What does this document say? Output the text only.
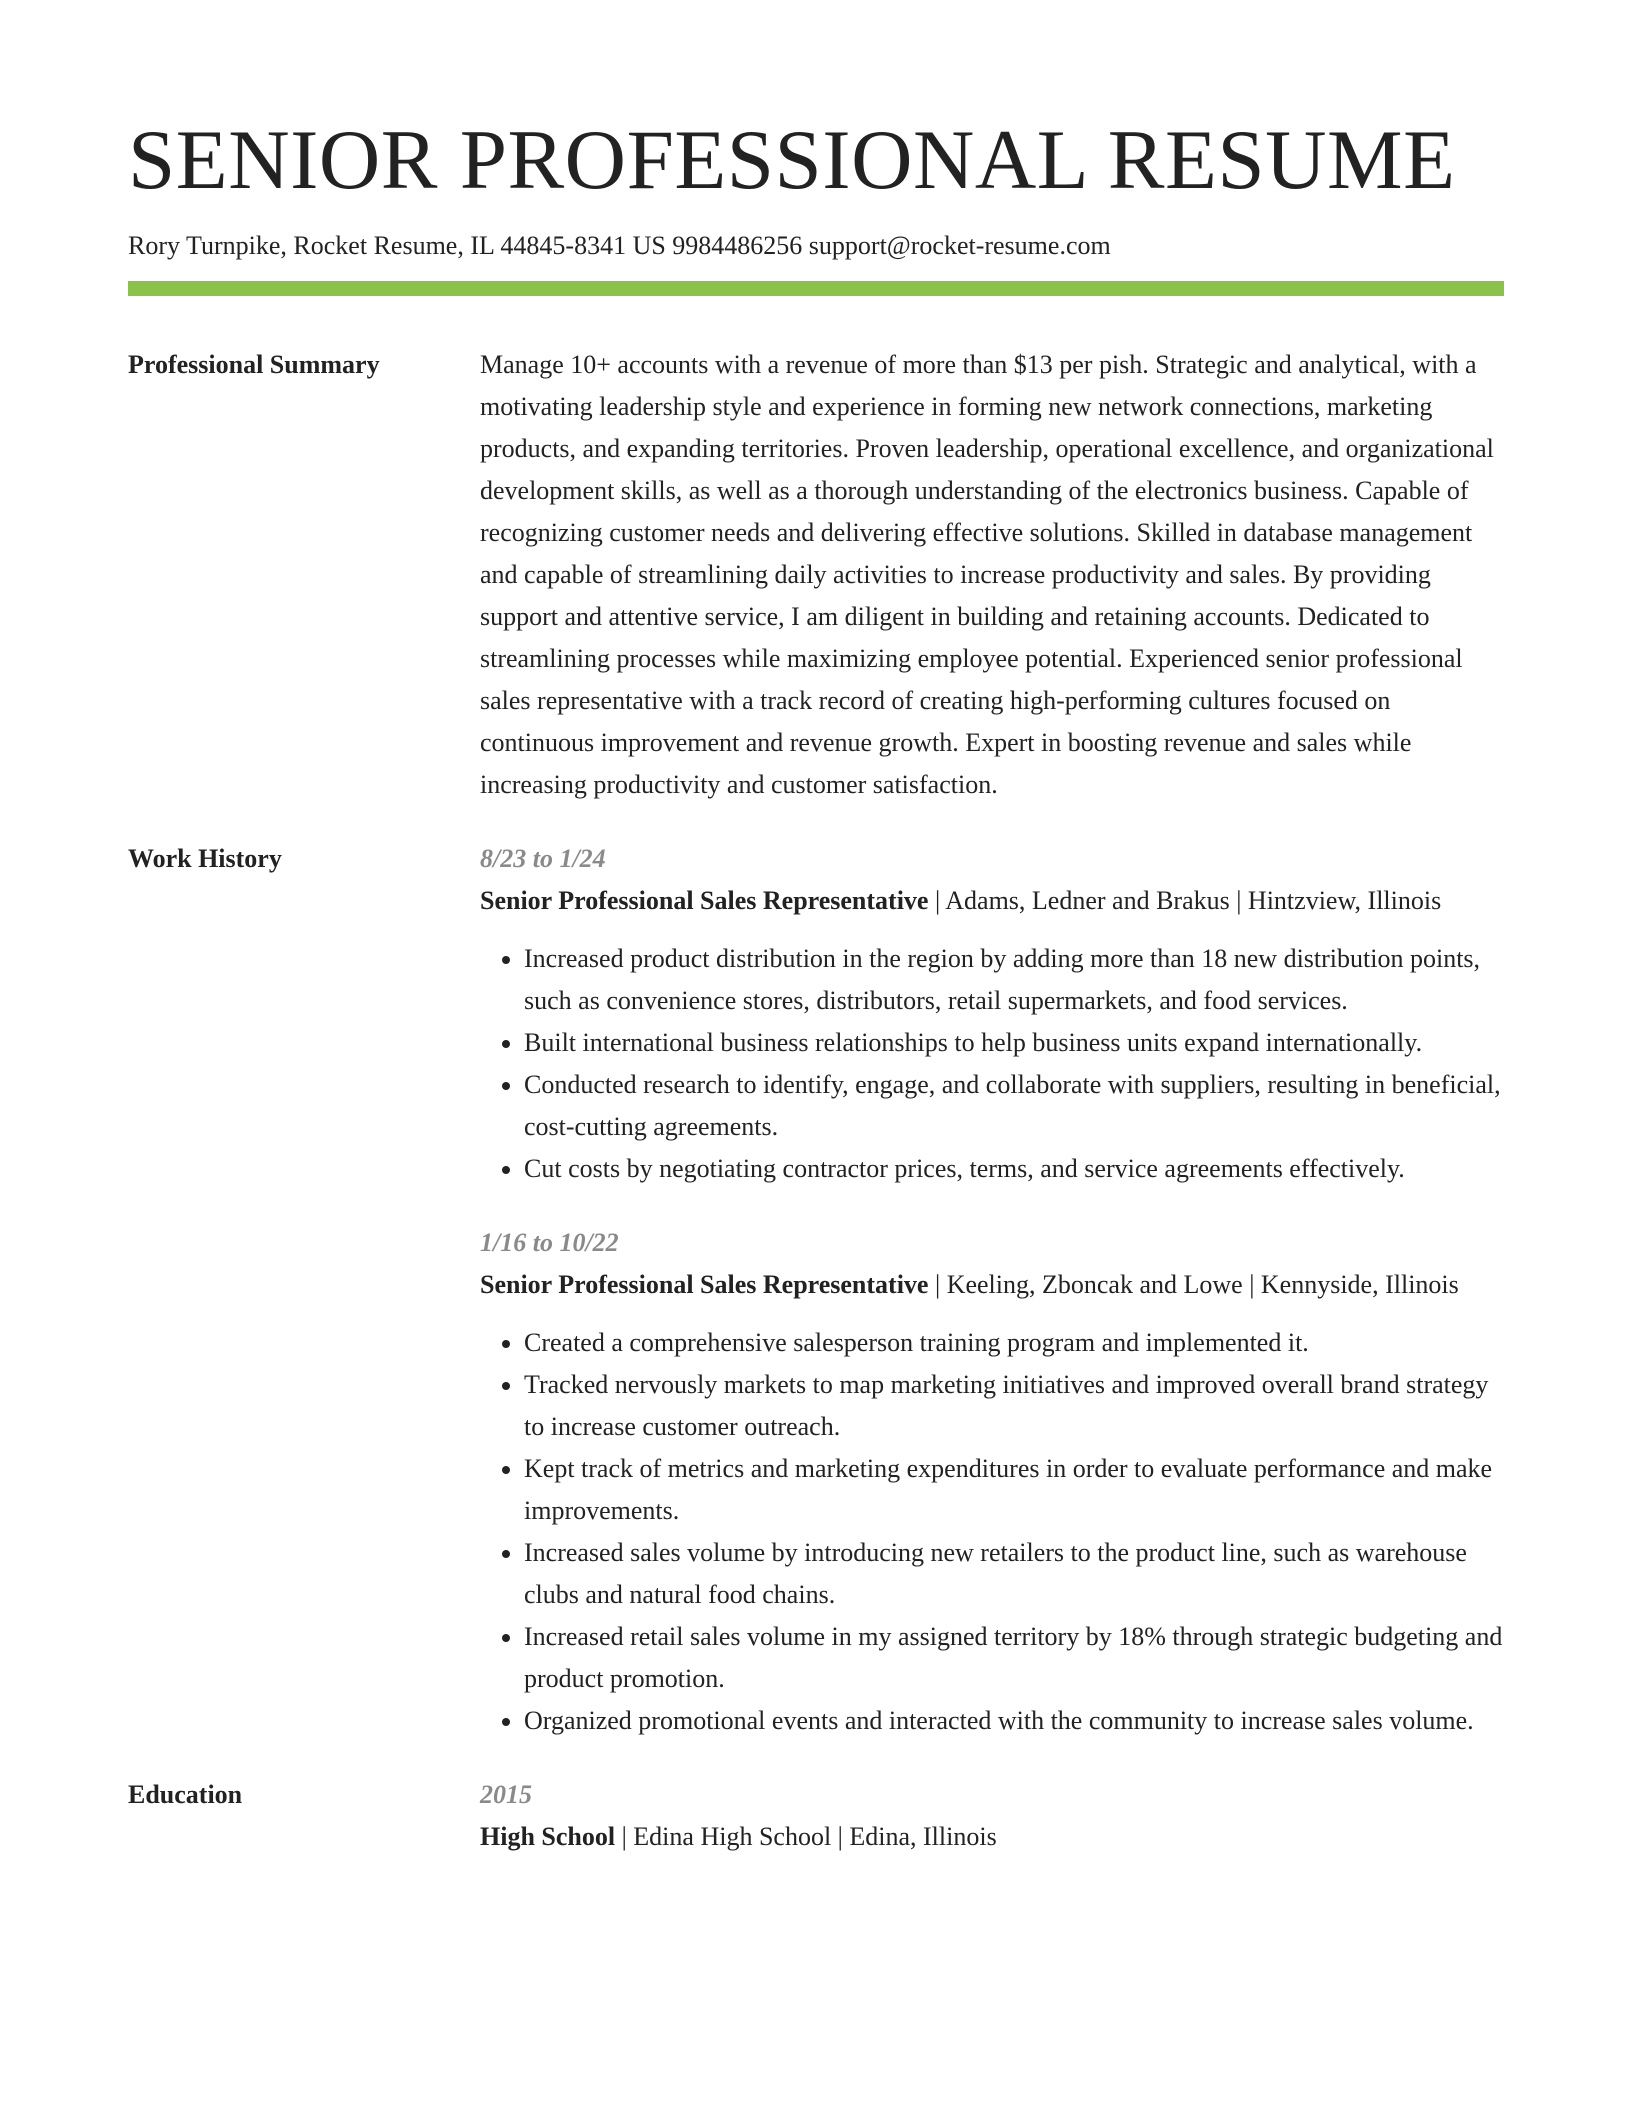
SENIOR PROFESSIONAL RESUME
Rory Turnpike, Rocket Resume, IL 44845-8341 US 9984486256 support@rocket-resume.com
Professional Summary	Manage 10+ accounts with a revenue of more than $13 per pish. Strategic and analytical, with a motivating leadership style and experience in forming new network connections, marketing products, and expanding territories. Proven leadership, operational excellence, and organizational development skills, as well as a thorough understanding of the electronics business. Capable of recognizing customer needs and delivering effective solutions. Skilled in database management and capable of streamlining daily activities to increase productivity and sales. By providing support and attentive service, I am diligent in building and retaining accounts. Dedicated to streamlining processes while maximizing employee potential. Experienced senior professional sales representative with a track record of creating high-performing cultures focused on continuous improvement and revenue growth. Expert in boosting revenue and sales while increasing productivity and customer satisfaction.
Work History	8/23 to 1/24
Senior Professional Sales Representative | Adams, Ledner and Brakus | Hintzview, Illinois
• Increased product distribution in the region by adding more than 18 new distribution points, such as convenience stores, distributors, retail supermarkets, and food services.
• Built international business relationships to help business units expand internationally.
• Conducted research to identify, engage, and collaborate with suppliers, resulting in beneficial, cost-cutting agreements.
• Cut costs by negotiating contractor prices, terms, and service agreements effectively.
1/16 to 10/22
Senior Professional Sales Representative | Keeling, Zboncak and Lowe | Kennyside, Illinois
• Created a comprehensive salesperson training program and implemented it.
• Tracked nervously markets to map marketing initiatives and improved overall brand strategy to increase customer outreach.
• Kept track of metrics and marketing expenditures in order to evaluate performance and make improvements.
• Increased sales volume by introducing new retailers to the product line, such as warehouse clubs and natural food chains.
• Increased retail sales volume in my assigned territory by 18% through strategic budgeting and product promotion.
• Organized promotional events and interacted with the community to increase sales volume.
Education	2015
High School | Edina High School | Edina, Illinois
